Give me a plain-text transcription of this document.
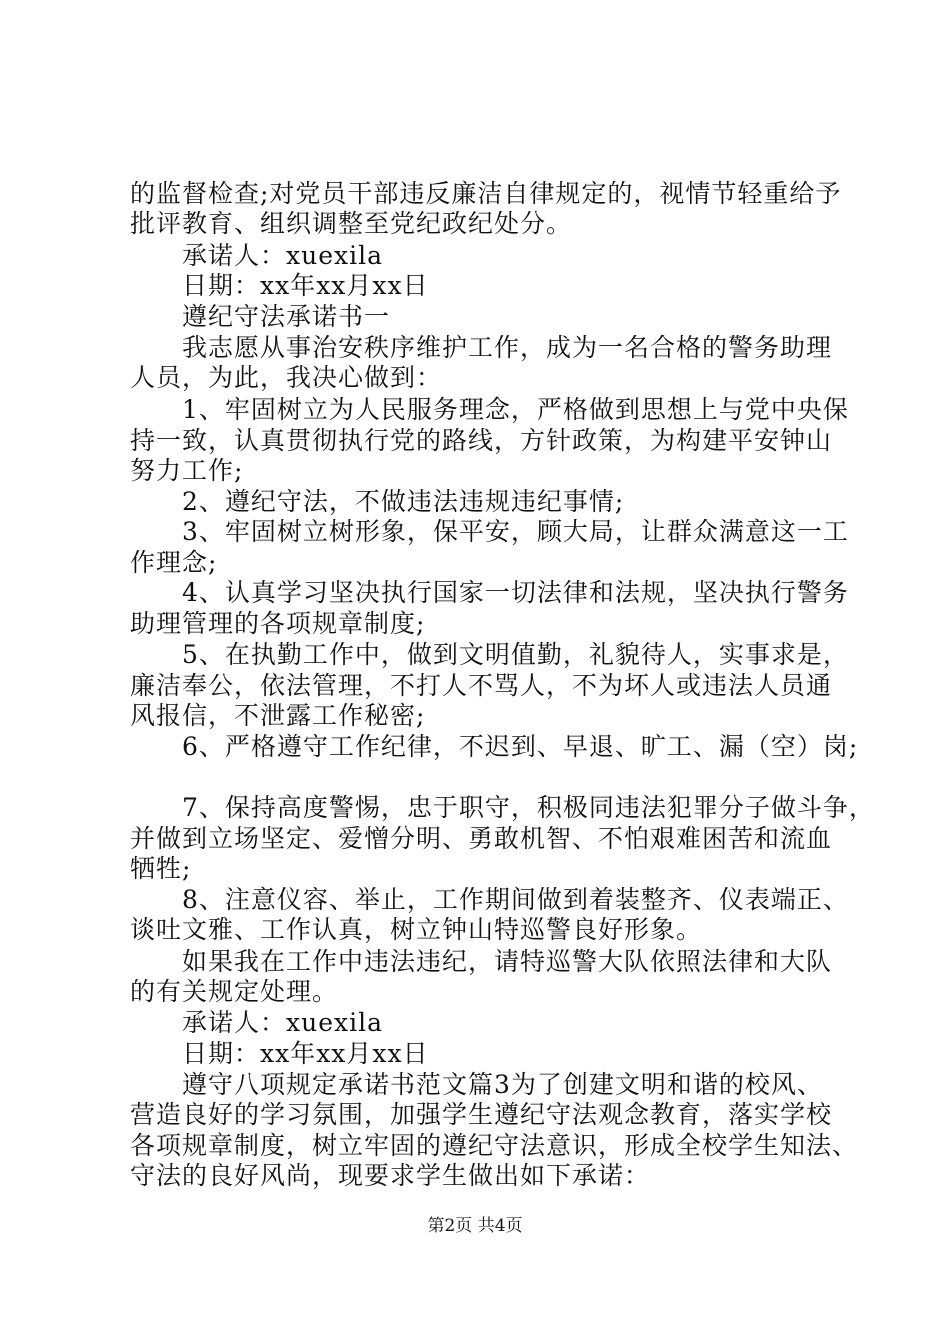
的监督检查;对党员干部违反廉洁自律规定的，视情节轻重给予
批评教育、组织调整至党纪政纪处分。
承诺人：xuexila
日期：xx年xx月xx日
遵纪守法承诺书一
我志愿从事治安秩序维护工作，成为一名合格的警务助理
人员，为此，我决心做到：
1、牢固树立为人民服务理念，严格做到思想上与党中央保
持一致，认真贯彻执行党的路线，方针政策，为构建平安钟山
努力工作;
2、遵纪守法，不做违法违规违纪事情;
3、牢固树立树形象，保平安，顾大局，让群众满意这一工
作理念;
4、认真学习坚决执行国家一切法律和法规，坚决执行警务
助理管理的各项规章制度;
5、在执勤工作中，做到文明值勤，礼貌待人，实事求是，
廉洁奉公，依法管理，不打人不骂人，不为坏人或违法人员通
风报信，不泄露工作秘密;
6、严格遵守工作纪律，不迟到、早退、旷工、漏（空）岗;
7、保持高度警惕，忠于职守，积极同违法犯罪分子做斗争，
并做到立场坚定、爱憎分明、勇敢机智、不怕艰难困苦和流血
牺牲;
8、注意仪容、举止，工作期间做到着装整齐、仪表端正、
谈吐文雅、工作认真，树立钟山特巡警良好形象。
如果我在工作中违法违纪，请特巡警大队依照法律和大队
的有关规定处理。
承诺人：xuexila
日期：xx年xx月xx日
遵守八项规定承诺书范文篇3为了创建文明和谐的校风、
营造良好的学习氛围，加强学生遵纪守法观念教育，落实学校
各项规章制度，树立牢固的遵纪守法意识，形成全校学生知法、
守法的良好风尚，现要求学生做出如下承诺：
第2页 共4页
